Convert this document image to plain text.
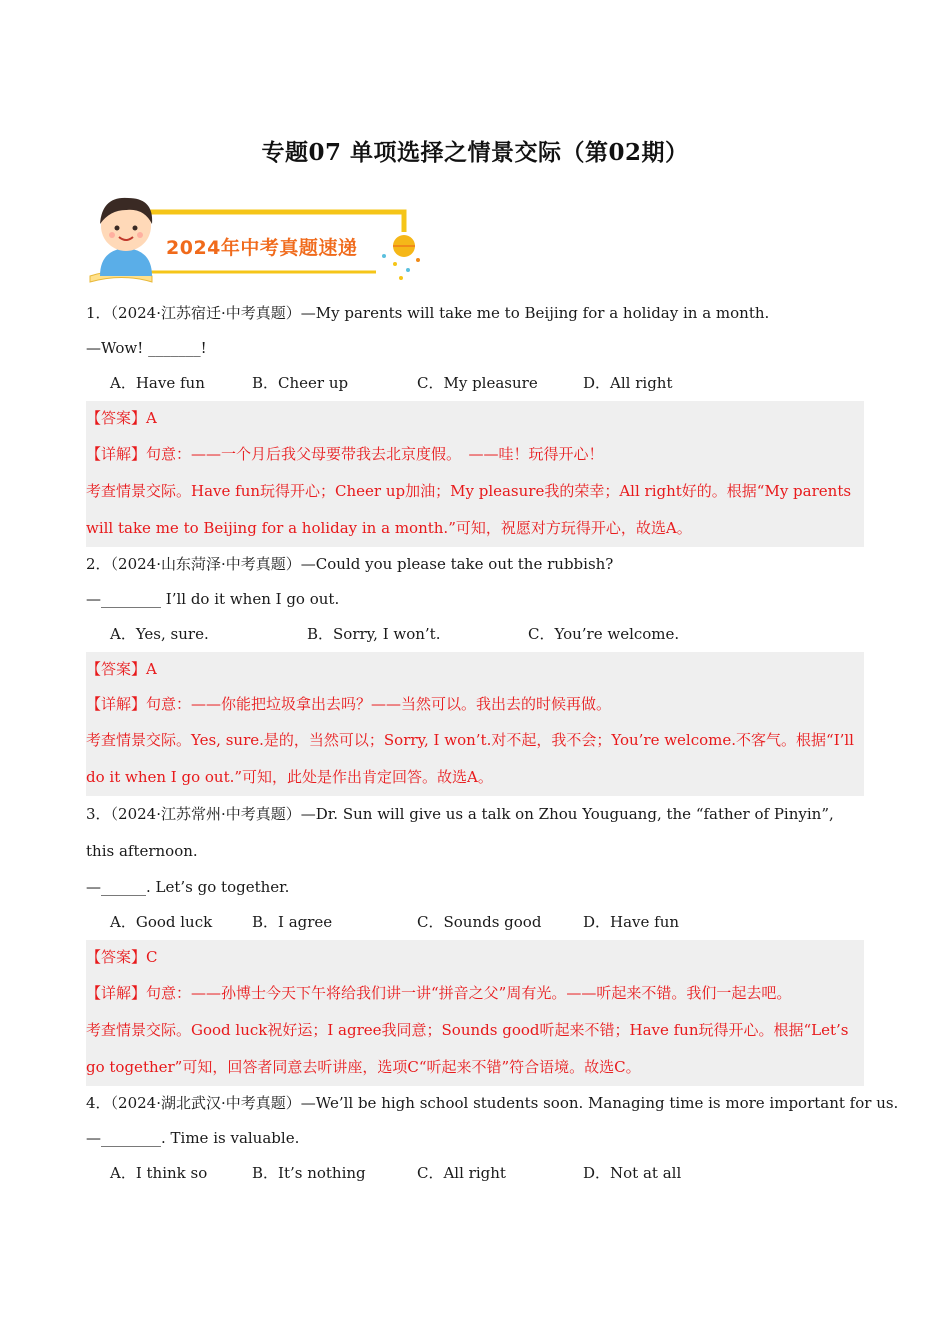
专题07 单项选择之情景交际（第02期）
2024年中考真题速递
1．（2024·江苏宿迁·中考真题）—My parents will take me to Beijing for a holiday in a month.
—Wow! _______!
A．Have fun	B．Cheer up	C．My pleasure	D．All right
【答案】A
【详解】句意：——一个月后我父母要带我去北京度假。　——哇！玩得开心！
考查情景交际。Have fun玩得开心；Cheer up加油；My pleasure我的荣幸；All right好的。根据“My parents will take me to Beijing for a holiday in a month.”可知，祝愿对方玩得开心，故选A。
2．（2024·山东菏泽·中考真题）—Could you please take out the rubbish?
—________ I’ll do it when I go out.
A．Yes, sure.	B．Sorry, I won’t.	C．You’re welcome.
【答案】A
【详解】句意：——你能把垃圾拿出去吗？——当然可以。我出去的时候再做。
考查情景交际。Yes, sure.是的，当然可以；Sorry, I won’t.对不起，我不会；You’re welcome.不客气。根据“I’ll do it when I go out.”可知，此处是作出肯定回答。故选A。
3．（2024·江苏常州·中考真题）—Dr. Sun will give us a talk on Zhou Youguang, the “father of Pinyin”, this afternoon.
—______. Let’s go together.
A．Good luck	B．I agree	C．Sounds good	D．Have fun
【答案】C
【详解】句意：——孙博士今天下午将给我们讲一讲“拼音之父”周有光。——听起来不错。我们一起去吧。
考查情景交际。Good luck祝好运；I agree我同意；Sounds good听起来不错；Have fun玩得开心。根据“Let’s go together”可知，回答者同意去听讲座，选项C“听起来不错”符合语境。故选C。
4．（2024·湖北武汉·中考真题）—We’ll be high school students soon. Managing time is more important for us.
—________. Time is valuable.
A．I think so	B．It’s nothing	C．All right	D．Not at all
